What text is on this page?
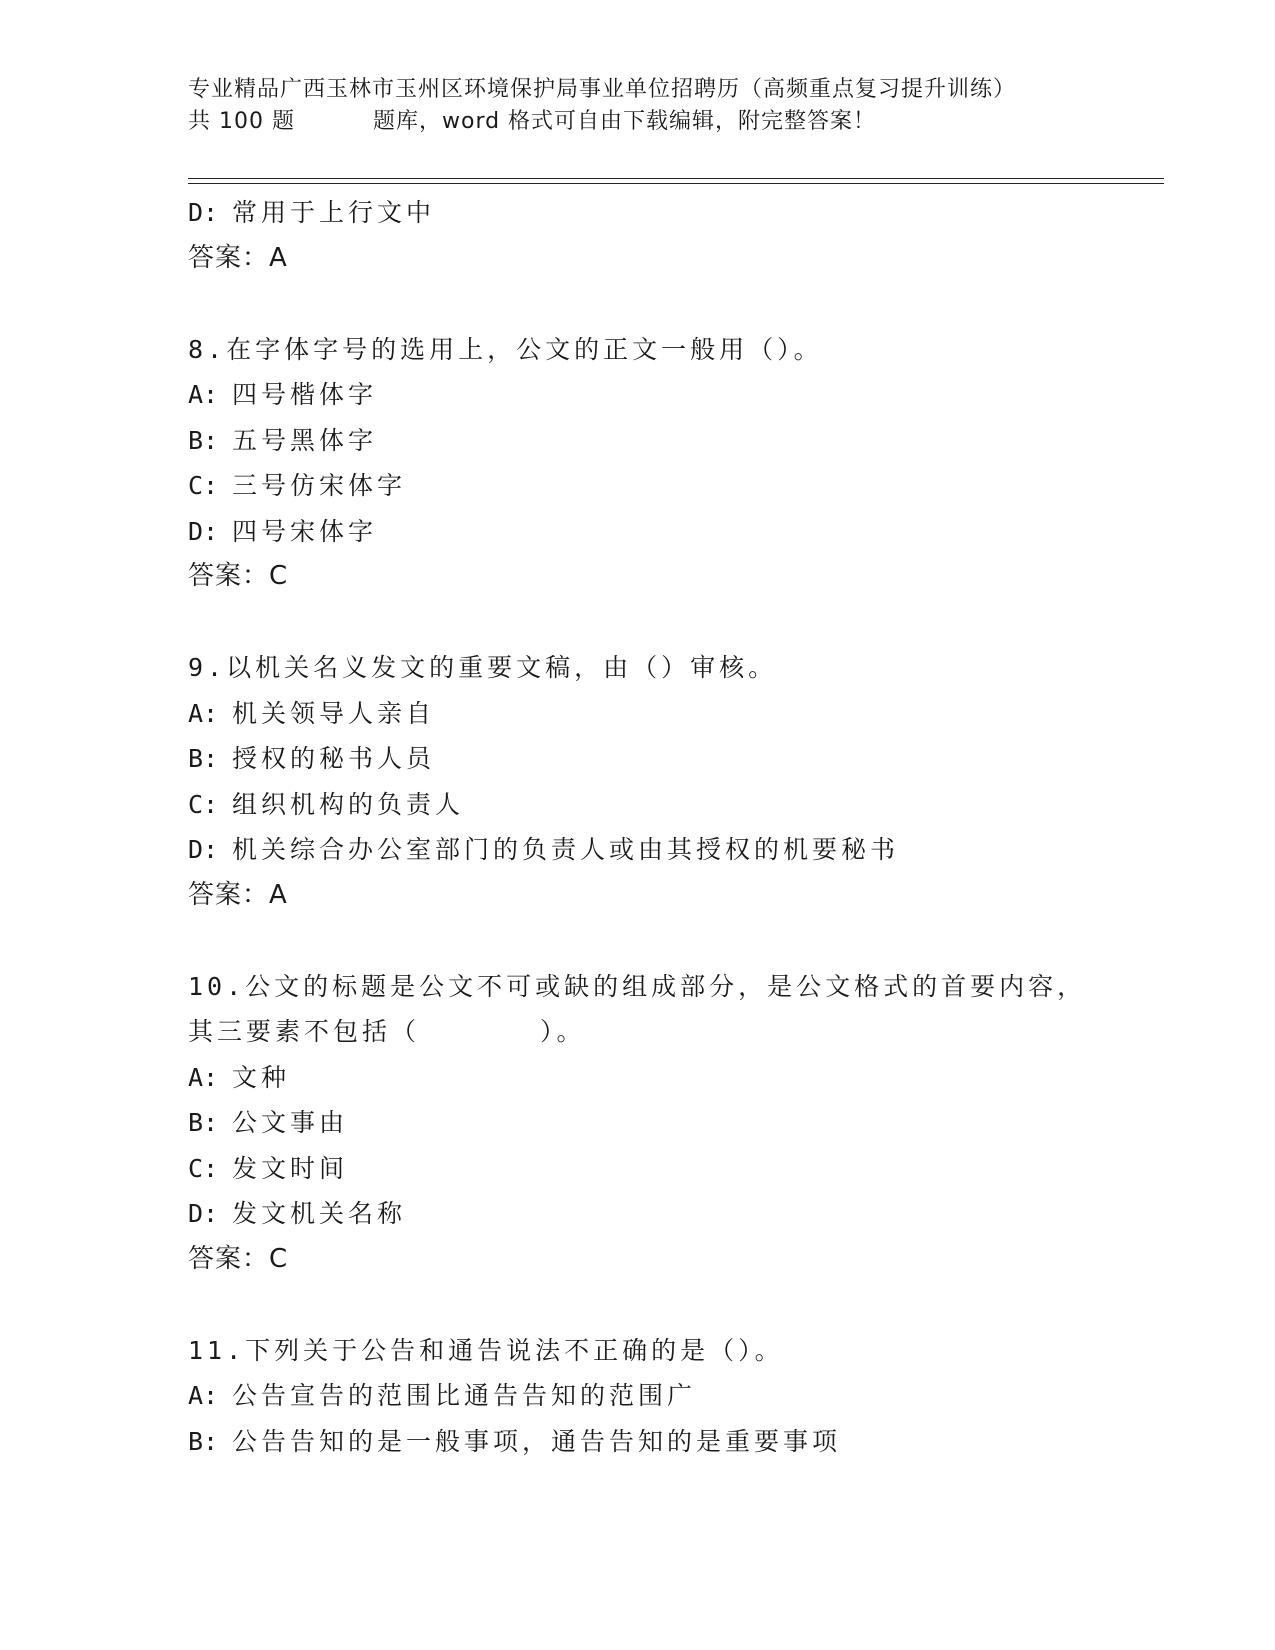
专业精品广西玉林市玉州区环境保护局事业单位招聘历（高频重点复习提升训练）
共 100 题	题库，word 格式可自由下载编辑，附完整答案！
D: 常用于上行文中
答案：A
8.在字体字号的选用上，公文的正文一般用（）。
A: 四号楷体字
B: 五号黑体字
C: 三号仿宋体字
D: 四号宋体字
答案：C
9.以机关名义发文的重要文稿，由（）审核。
A: 机关领导人亲自
B: 授权的秘书人员
C: 组织机构的负责人
D: 机关综合办公室部门的负责人或由其授权的机要秘书
答案：A
10.公文的标题是公文不可或缺的组成部分，是公文格式的首要内容，
其三要素不包括（	）。
A: 文种
B: 公文事由
C: 发文时间
D: 发文机关名称
答案：C
11.下列关于公告和通告说法不正确的是（）。
A: 公告宣告的范围比通告告知的范围广
B: 公告告知的是一般事项，通告告知的是重要事项
